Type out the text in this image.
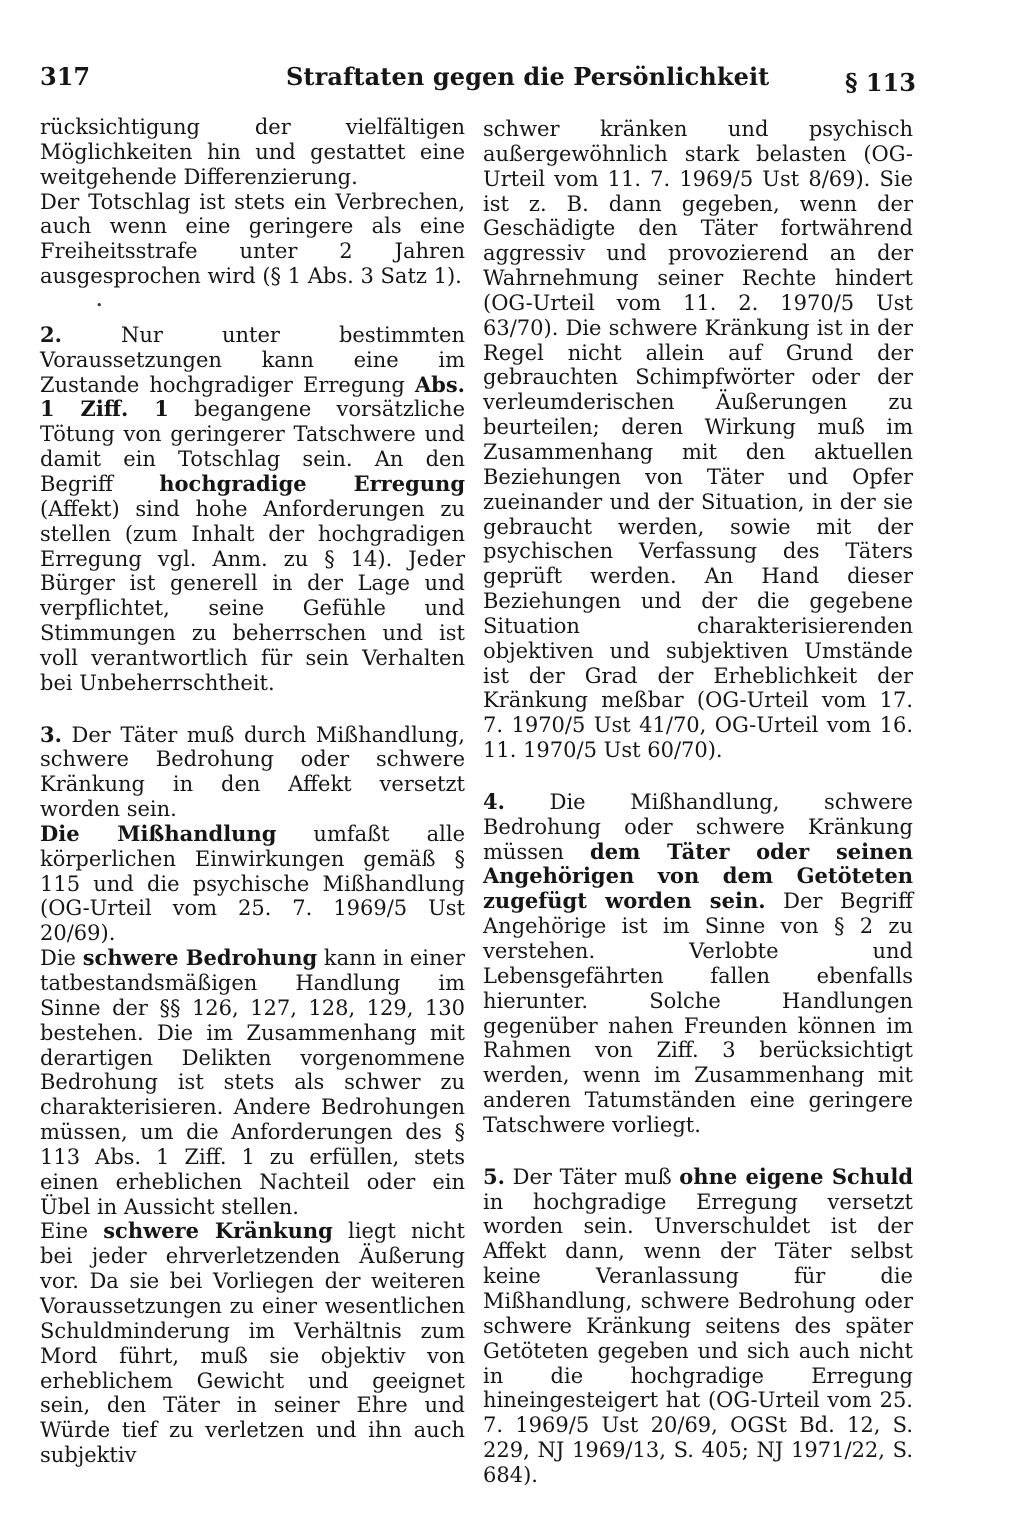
317	Straftaten gegen die Persönlichkeit	§ 113

rücksichtigung der vielfältigen Möglichkeiten hin und gestattet eine weitgehende Differenzierung.

Der Totschlag ist stets ein Verbrechen, auch wenn eine geringere als eine Freiheitsstrafe unter 2 Jahren ausgesprochen wird (§ 1 Abs. 3 Satz 1).

•

2. Nur unter bestimmten Voraussetzungen kann eine im Zustande hochgradiger Erregung Abs. 1 Ziff. 1 begangene vorsätzliche Tötung von geringerer Tatschwere und damit ein Totschlag sein. An den Begriff hochgradige Erregung (Affekt) sind hohe Anforderungen zu stellen (zum Inhalt der hochgradigen Erregung vgl. Anm. zu § 14). Jeder Bürger ist generell in der Lage und verpflichtet, seine Gefühle und Stimmungen zu beherrschen und ist voll verantwortlich für sein Verhalten bei Unbeherrschtheit.

3. Der Täter muß durch Mißhandlung, schwere Bedrohung oder schwere Kränkung in den Affekt versetzt worden sein.

Die Mißhandlung umfaßt alle körperlichen Einwirkungen gemäß § 115 und die psychische Mißhandlung (OG-Urteil vom 25. 7. 1969/5 Ust 20/69).

Die schwere Bedrohung kann in einer tatbestandsmäßigen Handlung im Sinne der §§ 126, 127, 128, 129, 130 bestehen. Die im Zusammenhang mit derartigen Delikten vorgenommene Bedrohung ist stets als schwer zu charakterisieren. Andere Bedrohungen müssen, um die Anforderungen des § 113 Abs. 1 Ziff. 1 zu erfüllen, stets einen erheblichen Nachteil oder ein Übel in Aussicht stellen.

Eine schwere Kränkung liegt nicht bei jeder ehrverletzenden Äußerung vor. Da sie bei Vorliegen der weiteren Voraussetzungen zu einer wesentlichen Schuldminderung im Verhältnis zum Mord führt, muß sie objektiv von erheblichem Gewicht und geeignet sein, den Täter in seiner Ehre und Würde tief zu verletzen und ihn auch subjektiv

schwer kränken und psychisch außergewöhnlich stark belasten (OG-Urteil vom 11. 7. 1969/5 Ust 8/69). Sie ist z. B. dann gegeben, wenn der Geschädigte den Täter fortwährend aggressiv und provozierend an der Wahrnehmung seiner Rechte hindert (OG-Urteil vom 11. 2. 1970/5 Ust 63/70). Die schwere Kränkung ist in der Regel nicht allein auf Grund der gebrauchten Schimpfwörter oder der verleumderischen Äußerungen zu beurteilen; deren Wirkung muß im Zusammenhang mit den aktuellen Beziehungen von Täter und Opfer zueinander und der Situation, in der sie gebraucht werden, sowie mit der psychischen Verfassung des Täters geprüft werden. An Hand dieser Beziehungen und der die gegebene Situation charakterisierenden objektiven und subjektiven Umstände ist der Grad der Erheblichkeit der Kränkung meßbar (OG-Urteil vom 17. 7. 1970/5 Ust 41/70, OG-Urteil vom 16. 11. 1970/5 Ust 60/70).

4. Die Mißhandlung, schwere Bedrohung oder schwere Kränkung müssen dem Täter oder seinen Angehörigen von dem Getöteten zugefügt worden sein. Der Begriff Angehörige ist im Sinne von § 2 zu verstehen. Verlobte und Lebensgefährten fallen ebenfalls hierunter. Solche Handlungen gegenüber nahen Freunden können im Rahmen von Ziff. 3 berücksichtigt werden, wenn im Zusammenhang mit anderen Tatumständen eine geringere Tatschwere vorliegt.

5. Der Täter muß ohne eigene Schuld in hochgradige Erregung versetzt worden sein. Unverschuldet ist der Affekt dann, wenn der Täter selbst keine Veranlassung für die Mißhandlung, schwere Bedrohung oder schwere Kränkung seitens des später Getöteten gegeben und sich auch nicht in die hochgradige Erregung hineingesteigert hat (OG-Urteil vom 25. 7. 1969/5 Ust 20/69, OGSt Bd. 12, S. 229, NJ 1969/13, S. 405; NJ 1971/22, S. 684).
